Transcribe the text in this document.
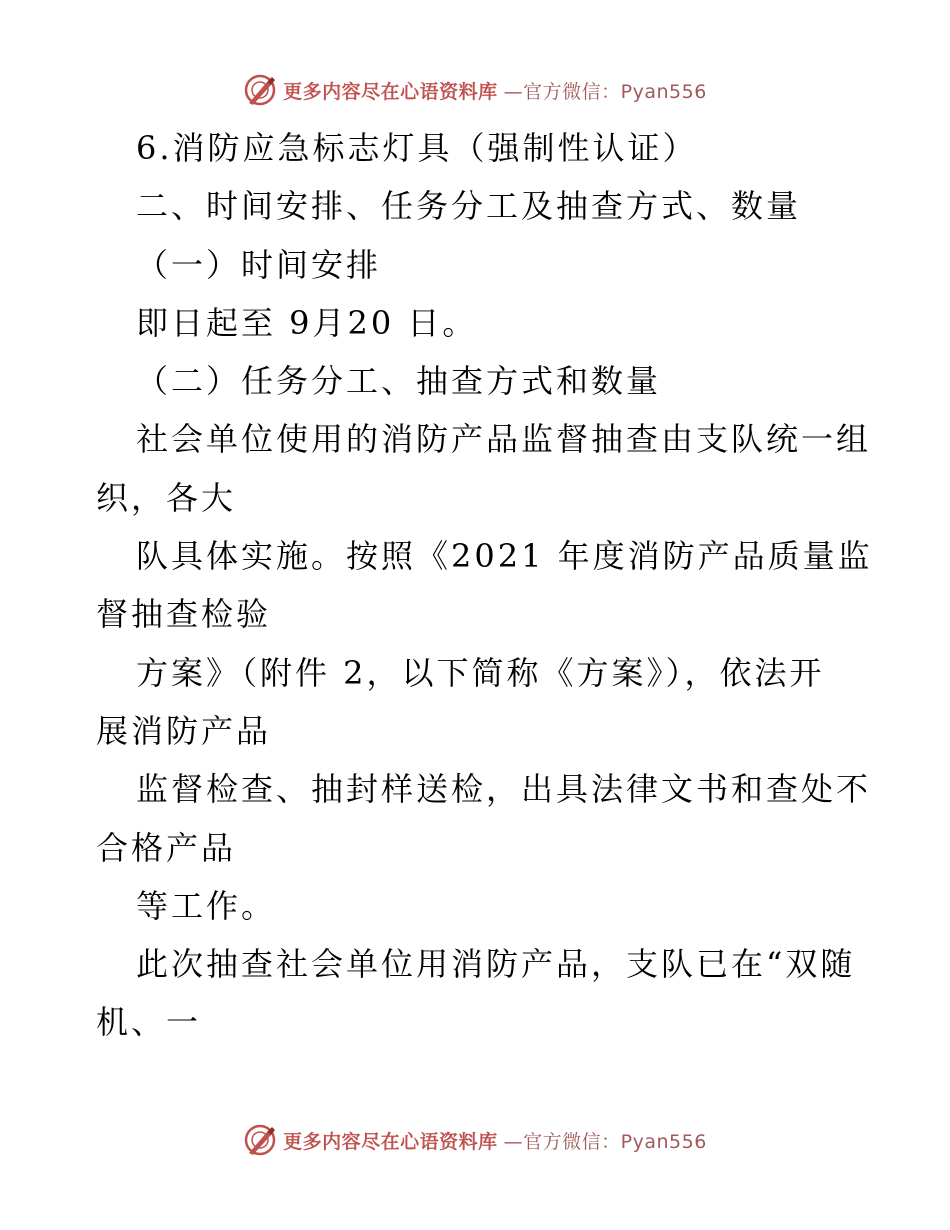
更多内容尽在心语资料库 —官方微信：Pyan556
6.消防应急标志灯具（强制性认证）
二、时间安排、任务分工及抽查方式、数量
（一）时间安排
即日起至 9月20 日。
（二）任务分工、抽查方式和数量
社会单位使用的消防产品监督抽查由支队统一组
织，各大
队具体实施。按照《2021 年度消防产品质量监
督抽查检验
方案》（附件 2，以下简称《方案》），依法开
展消防产品
监督检查、抽封样送检，出具法律文书和查处不
合格产品
等工作。
此次抽查社会单位用消防产品，支队已在“双随
机、一
更多内容尽在心语资料库 —官方微信：Pyan556
